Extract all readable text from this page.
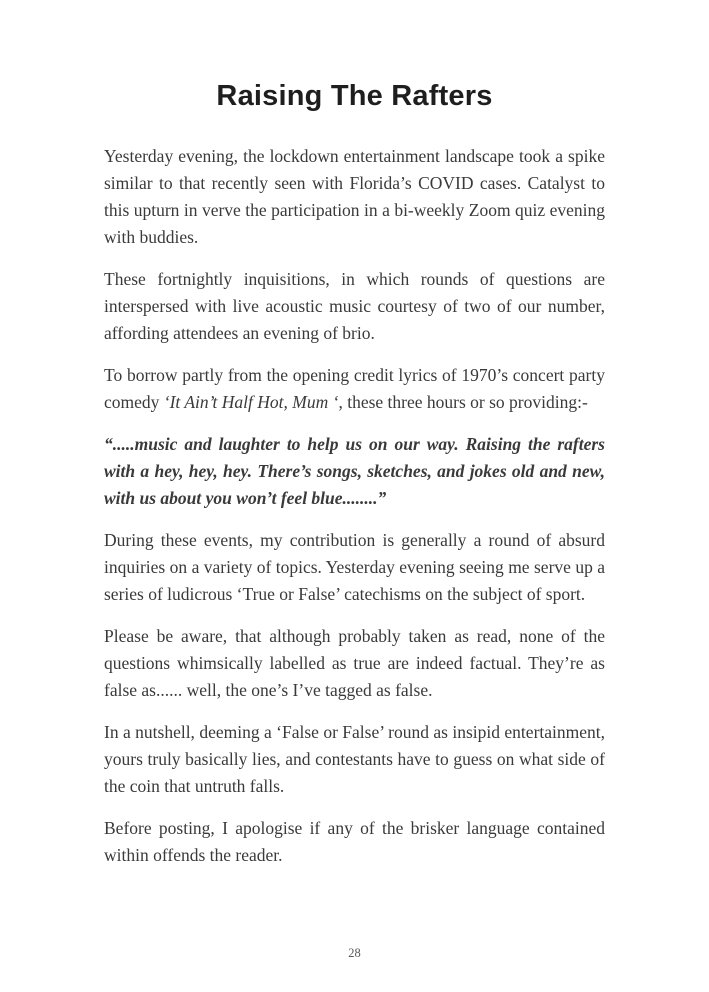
Raising The Rafters

Yesterday evening, the lockdown entertainment landscape took a spike similar to that recently seen with Florida’s COVID cases. Catalyst to this upturn in verve the participation in a bi-weekly Zoom quiz evening with buddies.

These fortnightly inquisitions, in which rounds of questions are interspersed with live acoustic music courtesy of two of our number, affording attendees an evening of brio.

To borrow partly from the opening credit lyrics of 1970’s concert party comedy ‘It Ain’t Half Hot, Mum ‘, these three hours or so providing:-

“.....music and laughter to help us on our way. Raising the rafters with a hey, hey, hey. There’s songs, sketches, and jokes old and new, with us about you won’t feel blue........”

During these events, my contribution is generally a round of absurd inquiries on a variety of topics. Yesterday evening seeing me serve up a series of ludicrous ‘True or False’ catechisms on the subject of sport.

Please be aware, that although probably taken as read, none of the questions whimsically labelled as true are indeed factual. They’re as false as...... well, the one’s I’ve tagged as false.

In a nutshell, deeming a ‘False or False’ round as insipid entertainment, yours truly basically lies, and contestants have to guess on what side of the coin that untruth falls.

Before posting, I apologise if any of the brisker language contained within offends the reader.

28
